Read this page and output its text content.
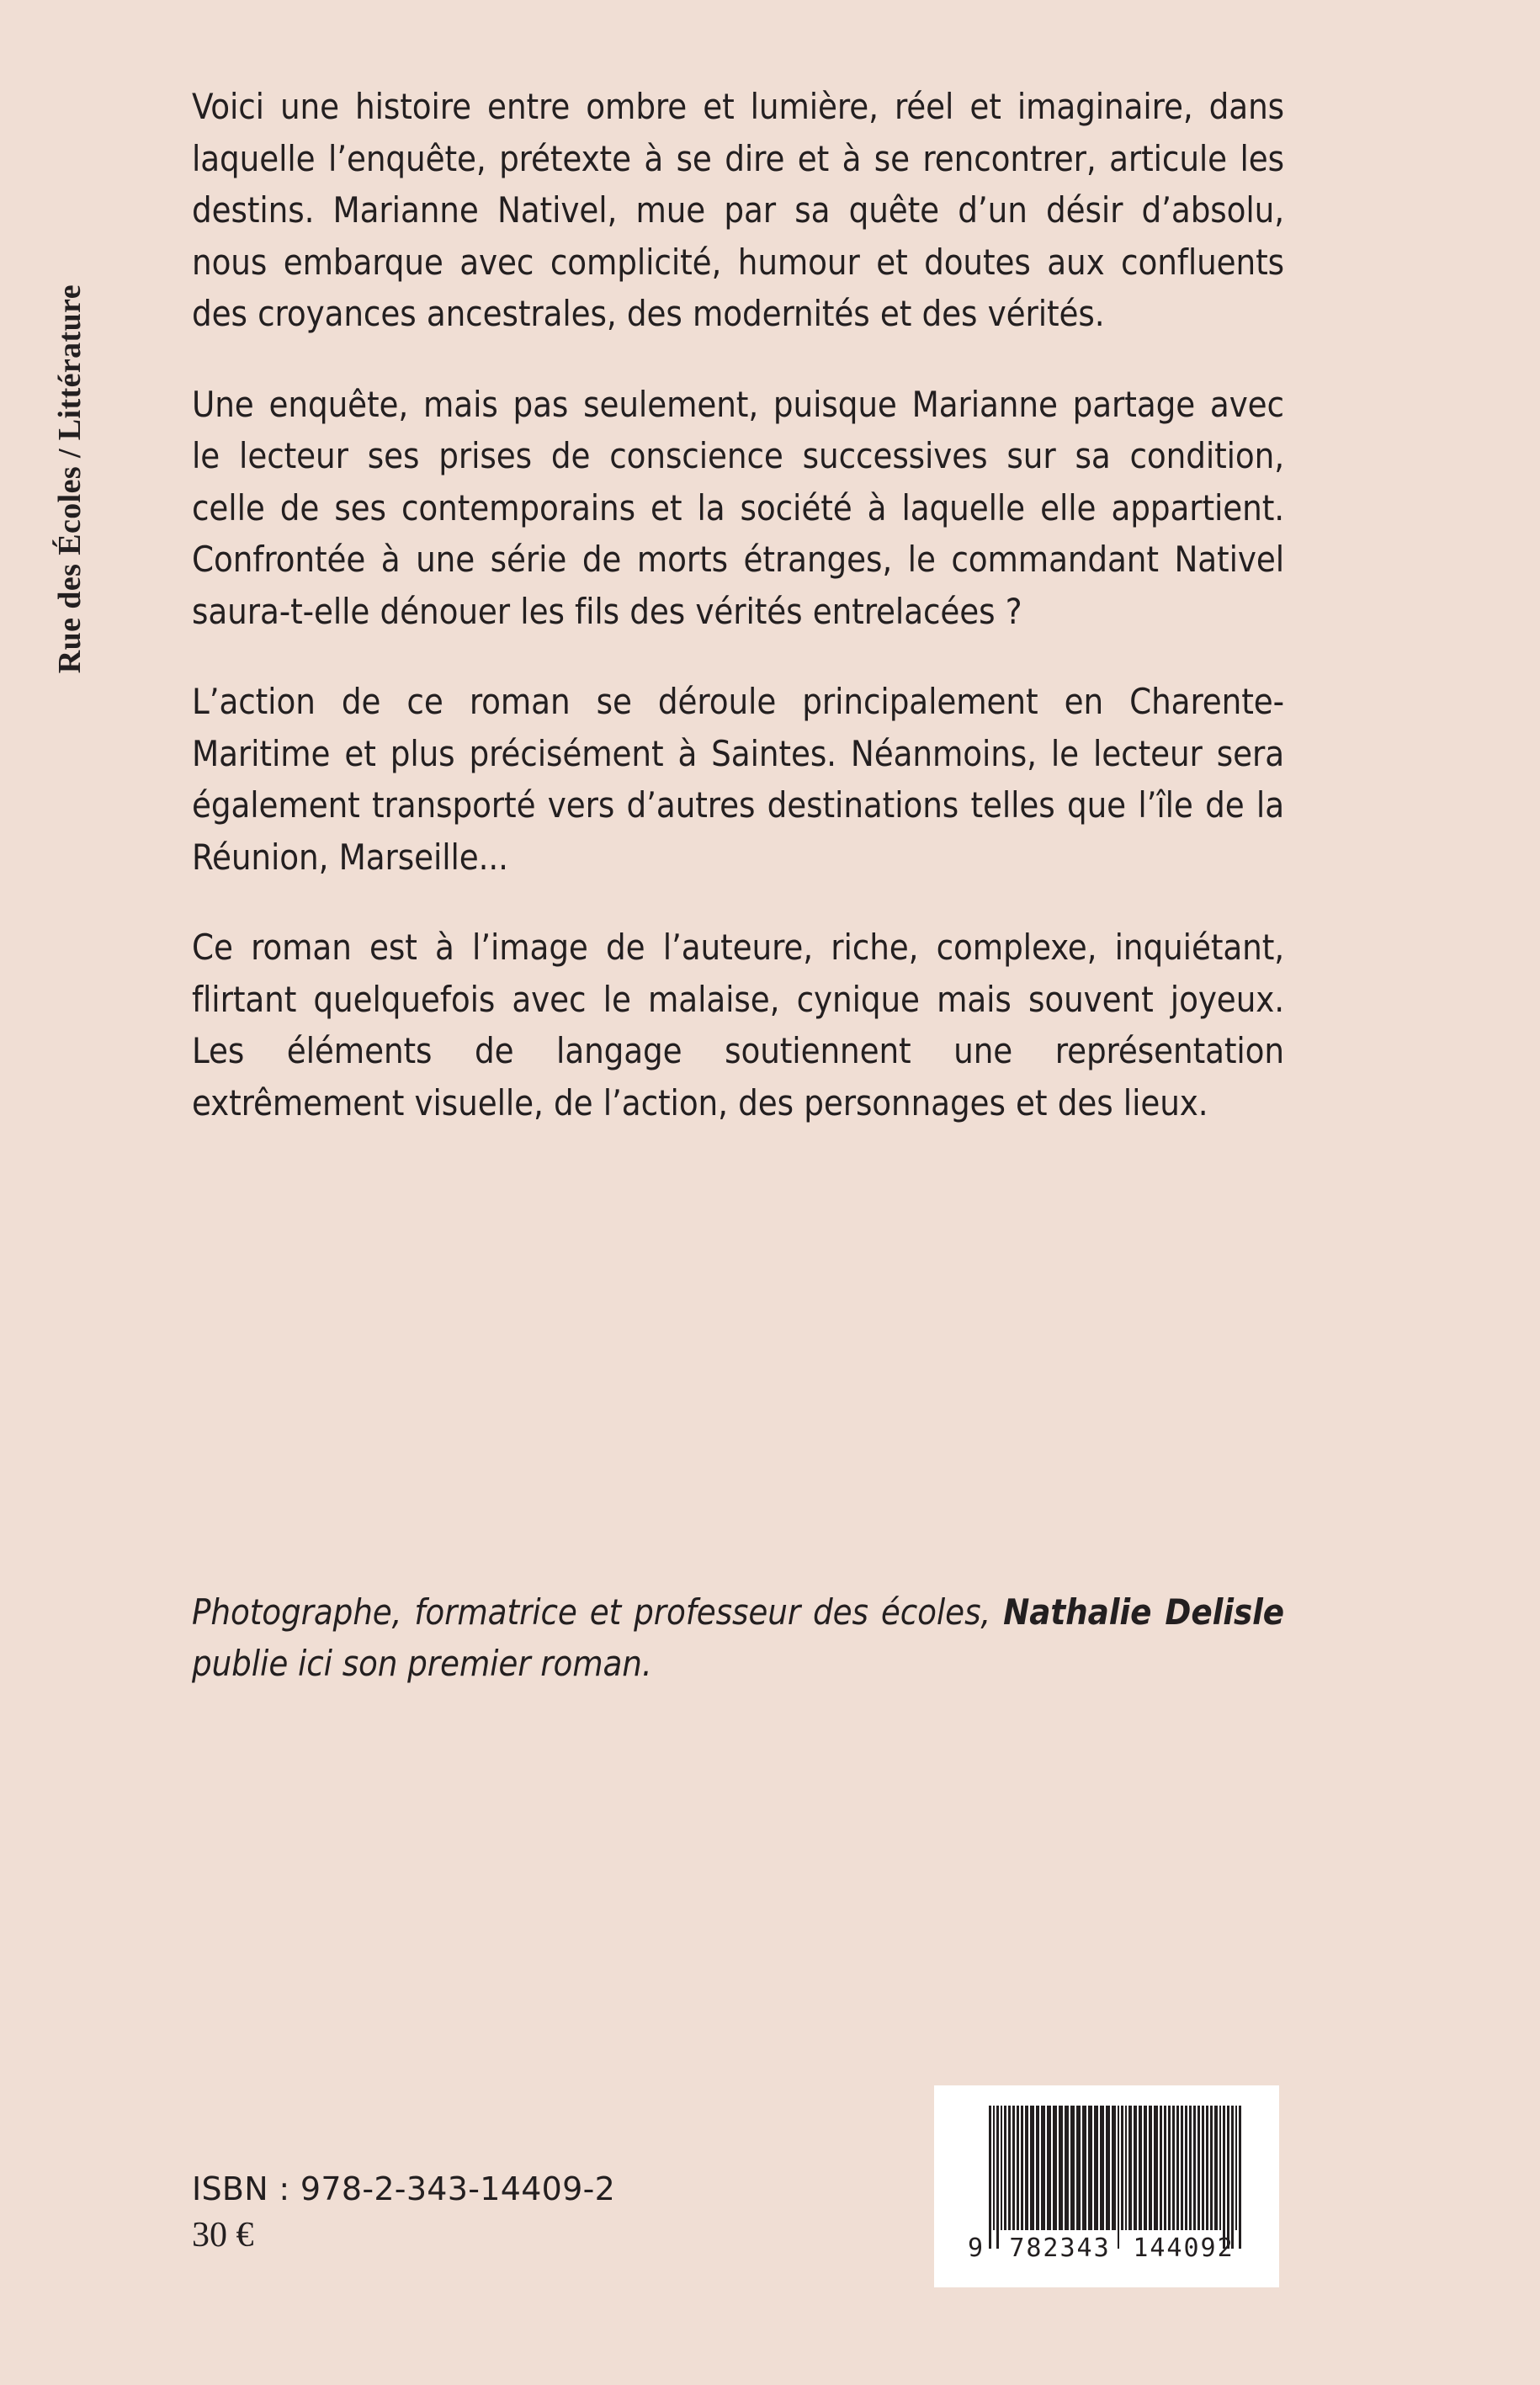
Rue des Écoles / Littérature

Voici une histoire entre ombre et lumière, réel et imaginaire, dans laquelle l’enquête, prétexte à se dire et à se rencontrer, articule les destins. Marianne Nativel, mue par sa quête d’un désir d’absolu, nous embarque avec complicité, humour et doutes aux confluents des croyances ancestrales, des modernités et des vérités.

Une enquête, mais pas seulement, puisque Marianne partage avec le lecteur ses prises de conscience successives sur sa condition, celle de ses contemporains et la société à laquelle elle appartient. Confrontée à une série de morts étranges, le commandant Nativel saura-t-elle dénouer les fils des vérités entrelacées ?

L’action de ce roman se déroule principalement en Charente-Maritime et plus précisément à Saintes. Néanmoins, le lecteur sera également transporté vers d’autres destinations telles que l’île de la Réunion, Marseille...

Ce roman est à l’image de l’auteure, riche, complexe, inquiétant, flirtant quelquefois avec le malaise, cynique mais souvent joyeux. Les éléments de langage soutiennent une représentation extrêmement visuelle, de l’action, des personnages et des lieux.

Photographe, formatrice et professeur des écoles, Nathalie Delisle publie ici son premier roman.

ISBN : 978-2-343-14409-2
30 €	9 782343 144092
